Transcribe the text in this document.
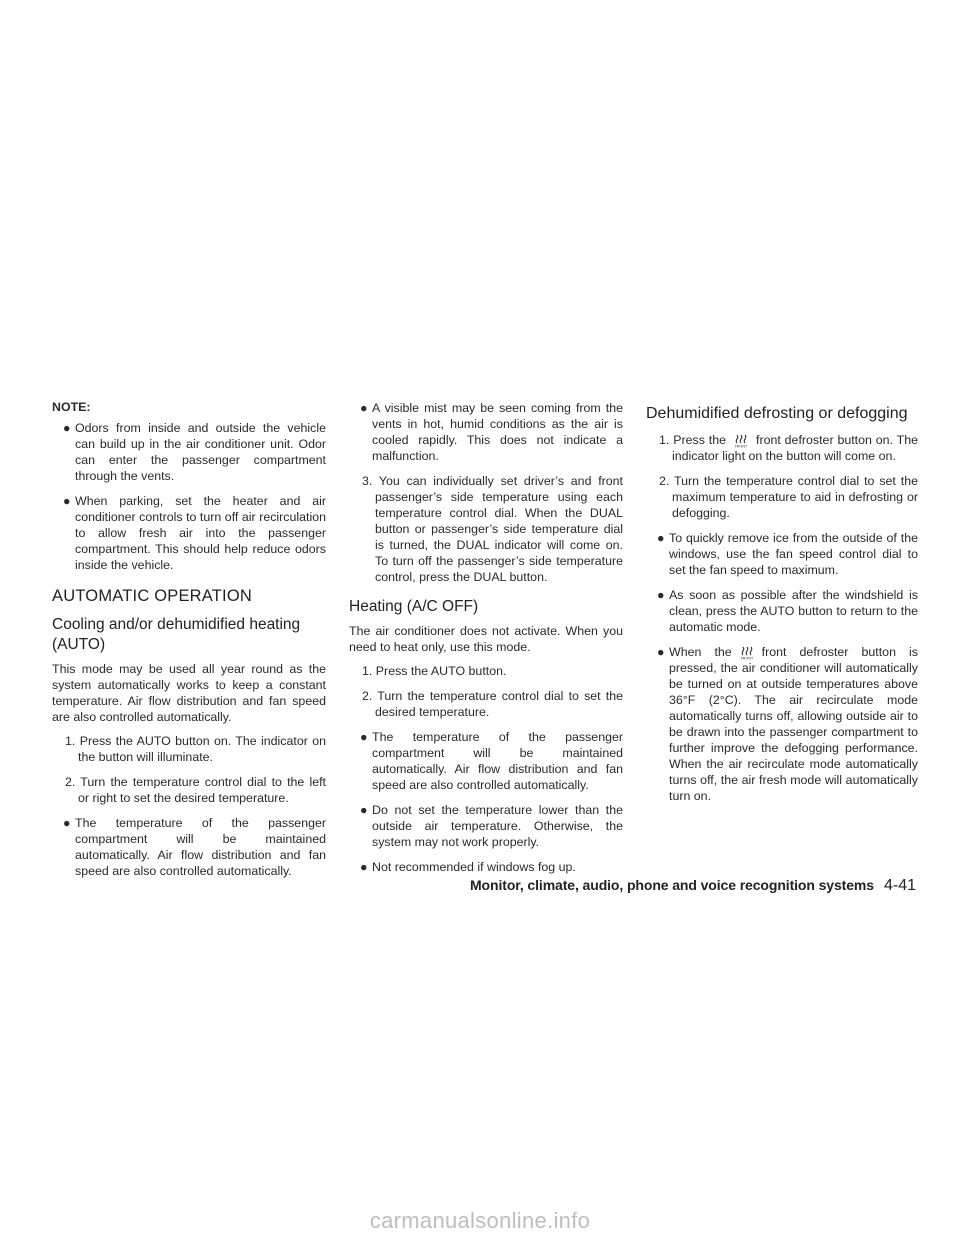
NOTE:
● Odors from inside and outside the vehicle can build up in the air conditioner unit. Odor can enter the passenger compartment through the vents.
● When parking, set the heater and air conditioner controls to turn off air recirculation to allow fresh air into the passenger compartment. This should help reduce odors inside the vehicle.
AUTOMATIC OPERATION
Cooling and/or dehumidified heating (AUTO)

This mode may be used all year round as the system automatically works to keep a constant temperature. Air flow distribution and fan speed are also controlled automatically.

1. Press the AUTO button on. The indicator on the button will illuminate.
2. Turn the temperature control dial to the left or right to set the desired temperature.
● The temperature of the passenger compartment will be maintained automatically. Air flow distribution and fan speed are also controlled automatically.
● A visible mist may be seen coming from the vents in hot, humid conditions as the air is cooled rapidly. This does not indicate a malfunction.
3. You can individually set driver’s and front passenger’s side temperature using each temperature control dial. When the DUAL button or passenger’s side temperature dial is turned, the DUAL indicator will come on. To turn off the passenger’s side temperature control, press the DUAL button.
Heating (A/C OFF)

The air conditioner does not activate. When you need to heat only, use this mode.

1. Press the AUTO button.
2. Turn the temperature control dial to set the desired temperature.
● The temperature of the passenger compartment will be maintained automatically. Air flow distribution and fan speed are also controlled automatically.
● Do not set the temperature lower than the outside air temperature. Otherwise, the system may not work properly.
● Not recommended if windows fog up.
Dehumidified defrosting or defogging
1. Press the FRONT front defroster button on. The indicator light on the button will come on.
2. Turn the temperature control dial to set the maximum temperature to aid in defrosting or defogging.
● To quickly remove ice from the outside of the windows, use the fan speed control dial to set the fan speed to maximum.
● As soon as possible after the windshield is clean, press the AUTO button to return to the automatic mode.
● When the FRONT front defroster button is pressed, the air conditioner will automatically be turned on at outside temperatures above 36°F (2°C). The air recirculate mode automatically turns off, allowing outside air to be drawn into the passenger compartment to further improve the defogging performance. When the air recirculate mode automatically turns off, the air fresh mode will automatically turn on.
Monitor, climate, audio, phone and voice recognition systems 4-41
carmanualsonline.info
